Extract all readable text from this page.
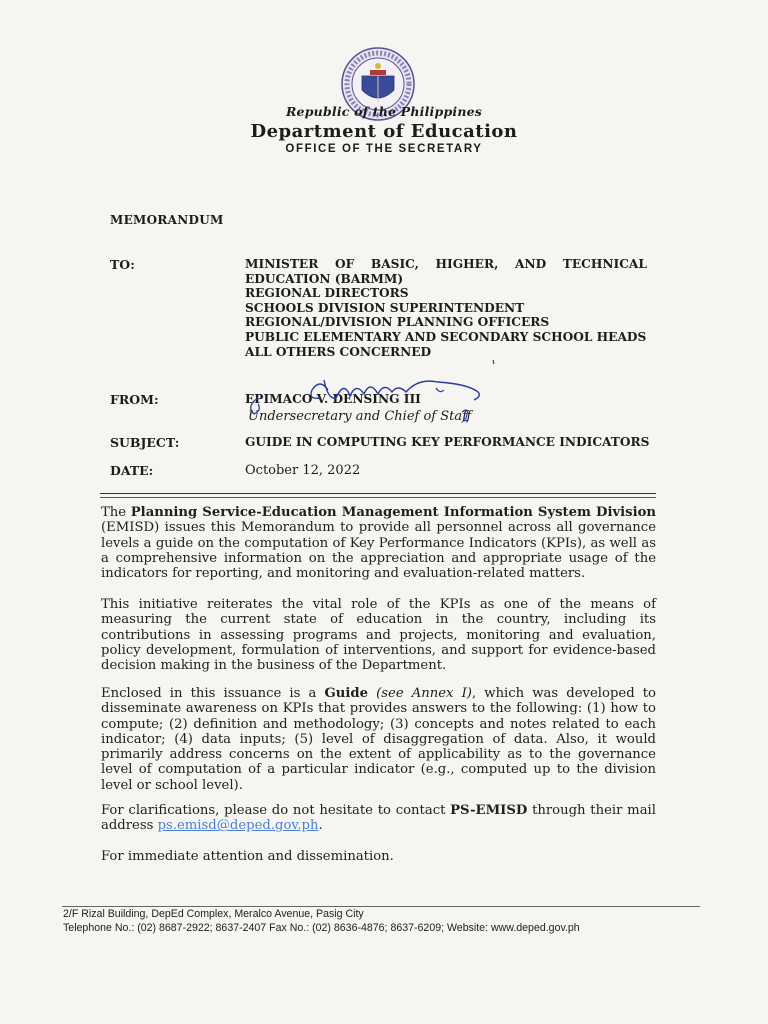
Republic of the Philippines
Department of Education
OFFICE OF THE SECRETARY
MEMORANDUM
TO:	MINISTER OF BASIC, HIGHER, AND TECHNICAL
EDUCATION (BARMM)
REGIONAL DIRECTORS
SCHOOLS DIVISION SUPERINTENDENT
REGIONAL/DIVISION PLANNING OFFICERS
PUBLIC ELEMENTARY AND SECONDARY SCHOOL HEADS
ALL OTHERS CONCERNED
FROM:	EPIMACO V. DENSING III
Undersecretary and Chief of Staff
SUBJECT:	GUIDE IN COMPUTING KEY PERFORMANCE INDICATORS
DATE:	October 12, 2022
The Planning Service-Education Management Information System Division (EMISD) issues this Memorandum to provide all personnel across all governance levels a guide on the computation of Key Performance Indicators (KPIs), as well as a comprehensive information on the appreciation and appropriate usage of the indicators for reporting, and monitoring and evaluation-related matters.
This initiative reiterates the vital role of the KPIs as one of the means of measuring the current state of education in the country, including its contributions in assessing programs and projects, monitoring and evaluation, policy development, formulation of interventions, and support for evidence-based decision making in the business of the Department.
Enclosed in this issuance is a Guide (see Annex I), which was developed to disseminate awareness on KPIs that provides answers to the following: (1) how to compute; (2) definition and methodology; (3) concepts and notes related to each indicator; (4) data inputs; (5) level of disaggregation of data. Also, it would primarily address concerns on the extent of applicability as to the governance level of computation of a particular indicator (e.g., computed up to the division level or school level).
For clarifications, please do not hesitate to contact PS-EMISD through their mail address ps.emisd@deped.gov.ph.
For immediate attention and dissemination.
2/F Rizal Building, DepEd Complex, Meralco Avenue, Pasig City
Telephone No.: (02) 8687-2922; 8637-2407 Fax No.: (02) 8636-4876; 8637-6209; Website: www.deped.gov.ph
